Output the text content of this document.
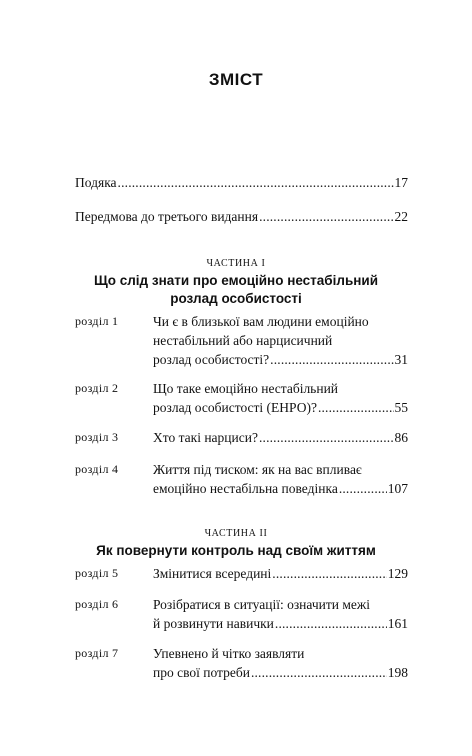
ЗМІСТ
Подяка . . .	17
Передмова до третього видання . . .	22
ЧАСТИНА I
Що слід знати про емоційно нестабільний
розлад особистості
розділ 1	Чи є в близької вам людини емоційно
нестабільний або нарцисичний
розлад особистості? . . .	31
розділ 2	Що таке емоційно нестабільний
розлад особистості (ЕНРО)? . . .	55
розділ 3	Хто такі нарциси? . . .	86
розділ 4	Життя під тиском: як на вас впливає
емоційно нестабільна поведінка . . .	107
ЧАСТИНА II
Як повернути контроль над своїм життям
розділ 5	Змінитися всередині . . .	129
розділ 6	Розібратися в ситуації: означити межі
й розвинути навички . . .	161
розділ 7	Упевнено й чітко заявляти
про свої потреби . . .	198
